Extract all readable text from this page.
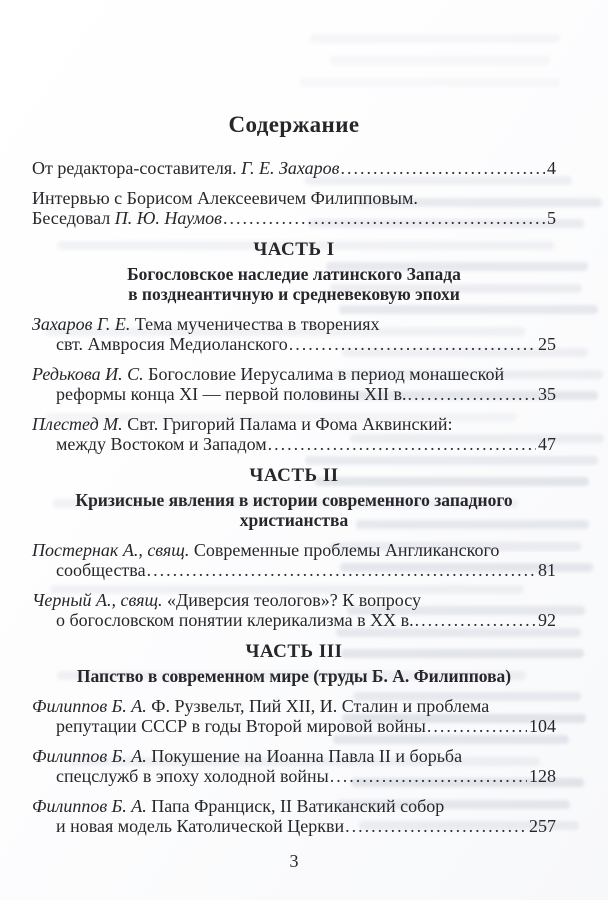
Содержание
От редактора-составителя. Г. Е. Захаров .....	4
Интервью с Борисом Алексеевичем Филипповым.
Беседовал П. Ю. Наумов .....	5
ЧАСТЬ I
Богословское наследие латинского Запада
в позднеантичную и средневековую эпохи
Захаров Г. Е. Тема мученичества в творениях
свт. Амвросия Медиоланского .....	25
Редькова И. С. Богословие Иерусалима в период монашеской
реформы конца XI — первой половины XII в. .....	35
Плестед М. Свт. Григорий Палама и Фома Аквинский:
между Востоком и Западом .....	47
ЧАСТЬ II
Кризисные явления в истории современного западного христианства
Постернак А., свящ. Современные проблемы Англиканского
сообщества .....	81
Черный А., свящ. «Диверсия теологов»? К вопросу
о богословском понятии клерикализма в XX в. .....	92
ЧАСТЬ III
Папство в современном мире (труды Б. А. Филиппова)
Филиппов Б. А. Ф. Рузвельт, Пий XII, И. Сталин и проблема
репутации СССР в годы Второй мировой войны .....	104
Филиппов Б. А. Покушение на Иоанна Павла II и борьба
спецслужб в эпоху холодной войны .....	128
Филиппов Б. А. Папа Франциск, II Ватиканский собор
и новая модель Католической Церкви .....	257
3
